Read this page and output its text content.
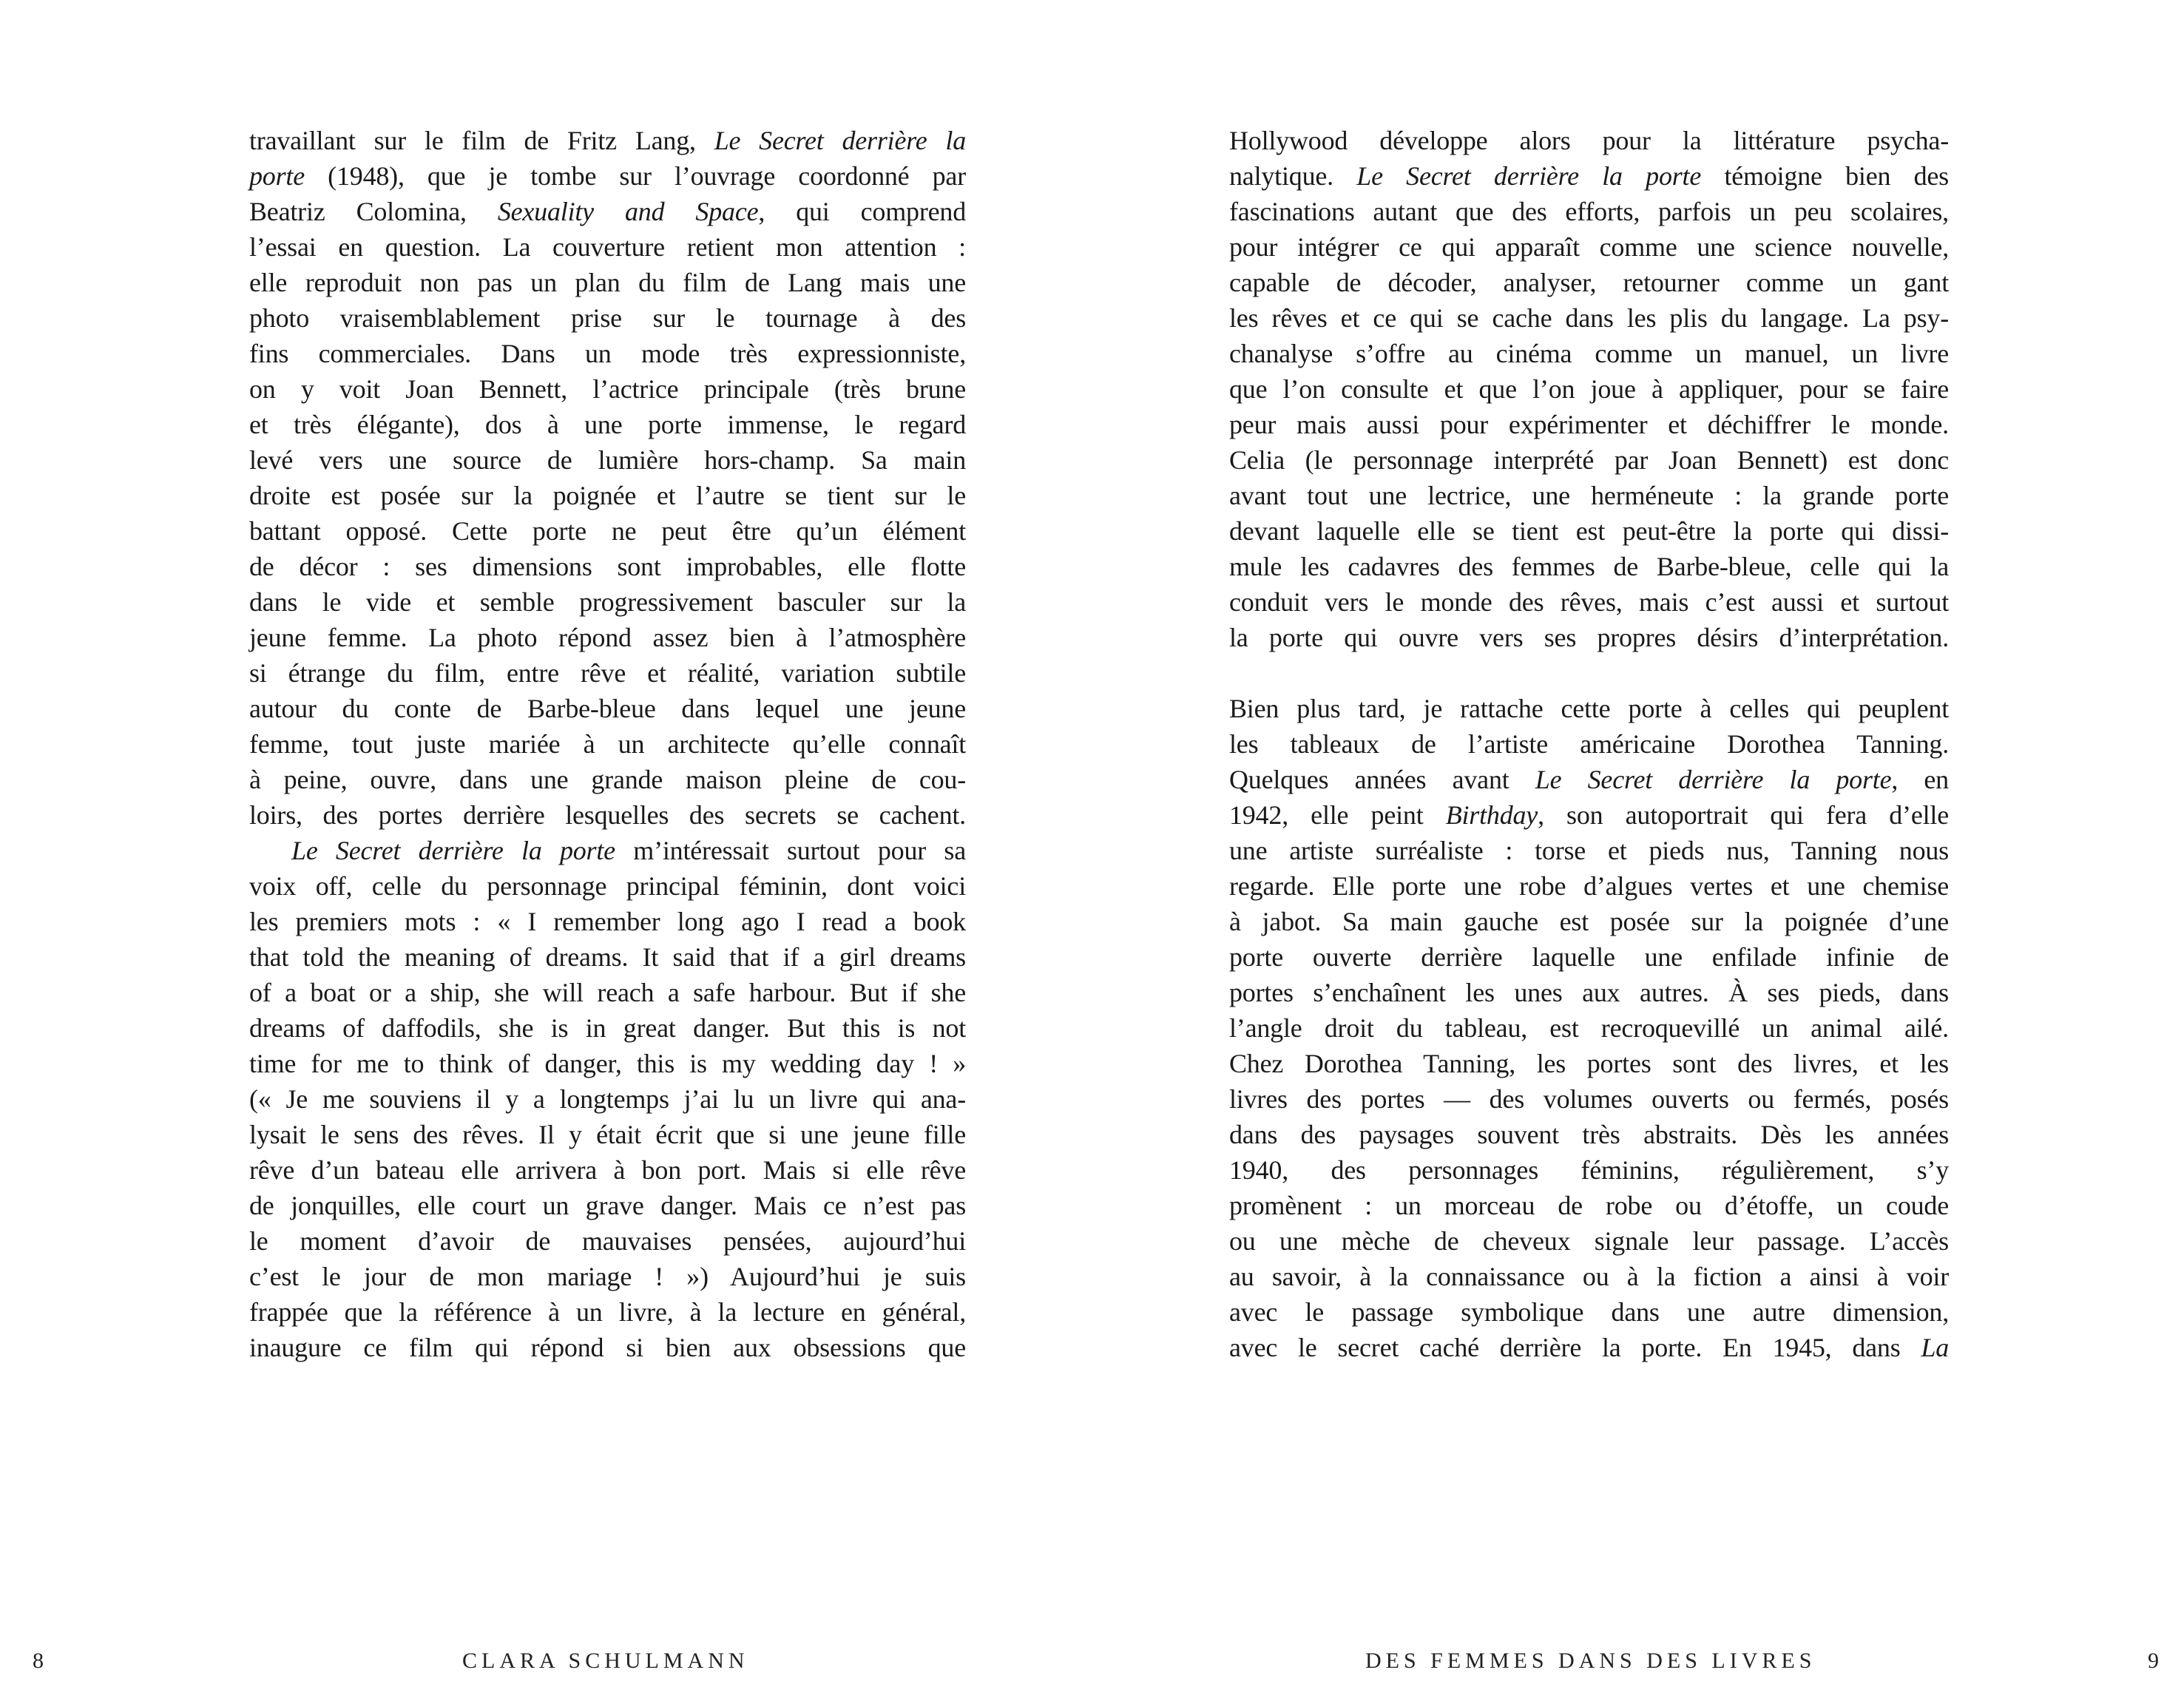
travaillant sur le film de Fritz Lang, Le Secret derrière la
porte (1948), que je tombe sur l’ouvrage coordonné par
Beatriz Colomina, Sexuality and Space, qui comprend
l’essai en question. La couverture retient mon attention :
elle reproduit non pas un plan du film de Lang mais une
photo vraisemblablement prise sur le tournage à des
fins commerciales. Dans un mode très expressionniste,
on y voit Joan Bennett, l’actrice principale (très brune
et très élégante), dos à une porte immense, le regard
levé vers une source de lumière hors-champ. Sa main
droite est posée sur la poignée et l’autre se tient sur le
battant opposé. Cette porte ne peut être qu’un élément
de décor : ses dimensions sont improbables, elle flotte
dans le vide et semble progressivement basculer sur la
jeune femme. La photo répond assez bien à l’atmosphère
si étrange du film, entre rêve et réalité, variation subtile
autour du conte de Barbe-bleue dans lequel une jeune
femme, tout juste mariée à un architecte qu’elle connaît
à peine, ouvre, dans une grande maison pleine de cou-
loirs, des portes derrière lesquelles des secrets se cachent.
Le Secret derrière la porte m’intéressait surtout pour sa
voix off, celle du personnage principal féminin, dont voici
les premiers mots : « I remember long ago I read a book
that told the meaning of dreams. It said that if a girl dreams
of a boat or a ship, she will reach a safe harbour. But if she
dreams of daffodils, she is in great danger. But this is not
time for me to think of danger, this is my wedding day ! »
(« Je me souviens il y a longtemps j’ai lu un livre qui ana-
lysait le sens des rêves. Il y était écrit que si une jeune fille
rêve d’un bateau elle arrivera à bon port. Mais si elle rêve
de jonquilles, elle court un grave danger. Mais ce n’est pas
le moment d’avoir de mauvaises pensées, aujourd’hui
c’est le jour de mon mariage ! ») Aujourd’hui je suis
frappée que la référence à un livre, à la lecture en général,
inaugure ce film qui répond si bien aux obsessions que
Hollywood développe alors pour la littérature psycha-
nalytique. Le Secret derrière la porte témoigne bien des
fascinations autant que des efforts, parfois un peu scolaires,
pour intégrer ce qui apparaît comme une science nouvelle,
capable de décoder, analyser, retourner comme un gant
les rêves et ce qui se cache dans les plis du langage. La psy-
chanalyse s’offre au cinéma comme un manuel, un livre
que l’on consulte et que l’on joue à appliquer, pour se faire
peur mais aussi pour expérimenter et déchiffrer le monde.
Celia (le personnage interprété par Joan Bennett) est donc
avant tout une lectrice, une herméneute : la grande porte
devant laquelle elle se tient est peut-être la porte qui dissi-
mule les cadavres des femmes de Barbe-bleue, celle qui la
conduit vers le monde des rêves, mais c’est aussi et surtout
la porte qui ouvre vers ses propres désirs d’interprétation.

Bien plus tard, je rattache cette porte à celles qui peuplent
les tableaux de l’artiste américaine Dorothea Tanning.
Quelques années avant Le Secret derrière la porte, en
1942, elle peint Birthday, son autoportrait qui fera d’elle
une artiste surréaliste : torse et pieds nus, Tanning nous
regarde. Elle porte une robe d’algues vertes et une chemise
à jabot. Sa main gauche est posée sur la poignée d’une
porte ouverte derrière laquelle une enfilade infinie de
portes s’enchaînent les unes aux autres. À ses pieds, dans
l’angle droit du tableau, est recroquevillé un animal ailé.
Chez Dorothea Tanning, les portes sont des livres, et les
livres des portes — des volumes ouverts ou fermés, posés
dans des paysages souvent très abstraits. Dès les années
1940, des personnages féminins, régulièrement, s’y
promènent : un morceau de robe ou d’étoffe, un coude
ou une mèche de cheveux signale leur passage. L’accès
au savoir, à la connaissance ou à la fiction a ainsi à voir
avec le passage symbolique dans une autre dimension,
avec le secret caché derrière la porte. En 1945, dans La
8	CLARA SCHULMANN	DES FEMMES DANS DES LIVRES	9
